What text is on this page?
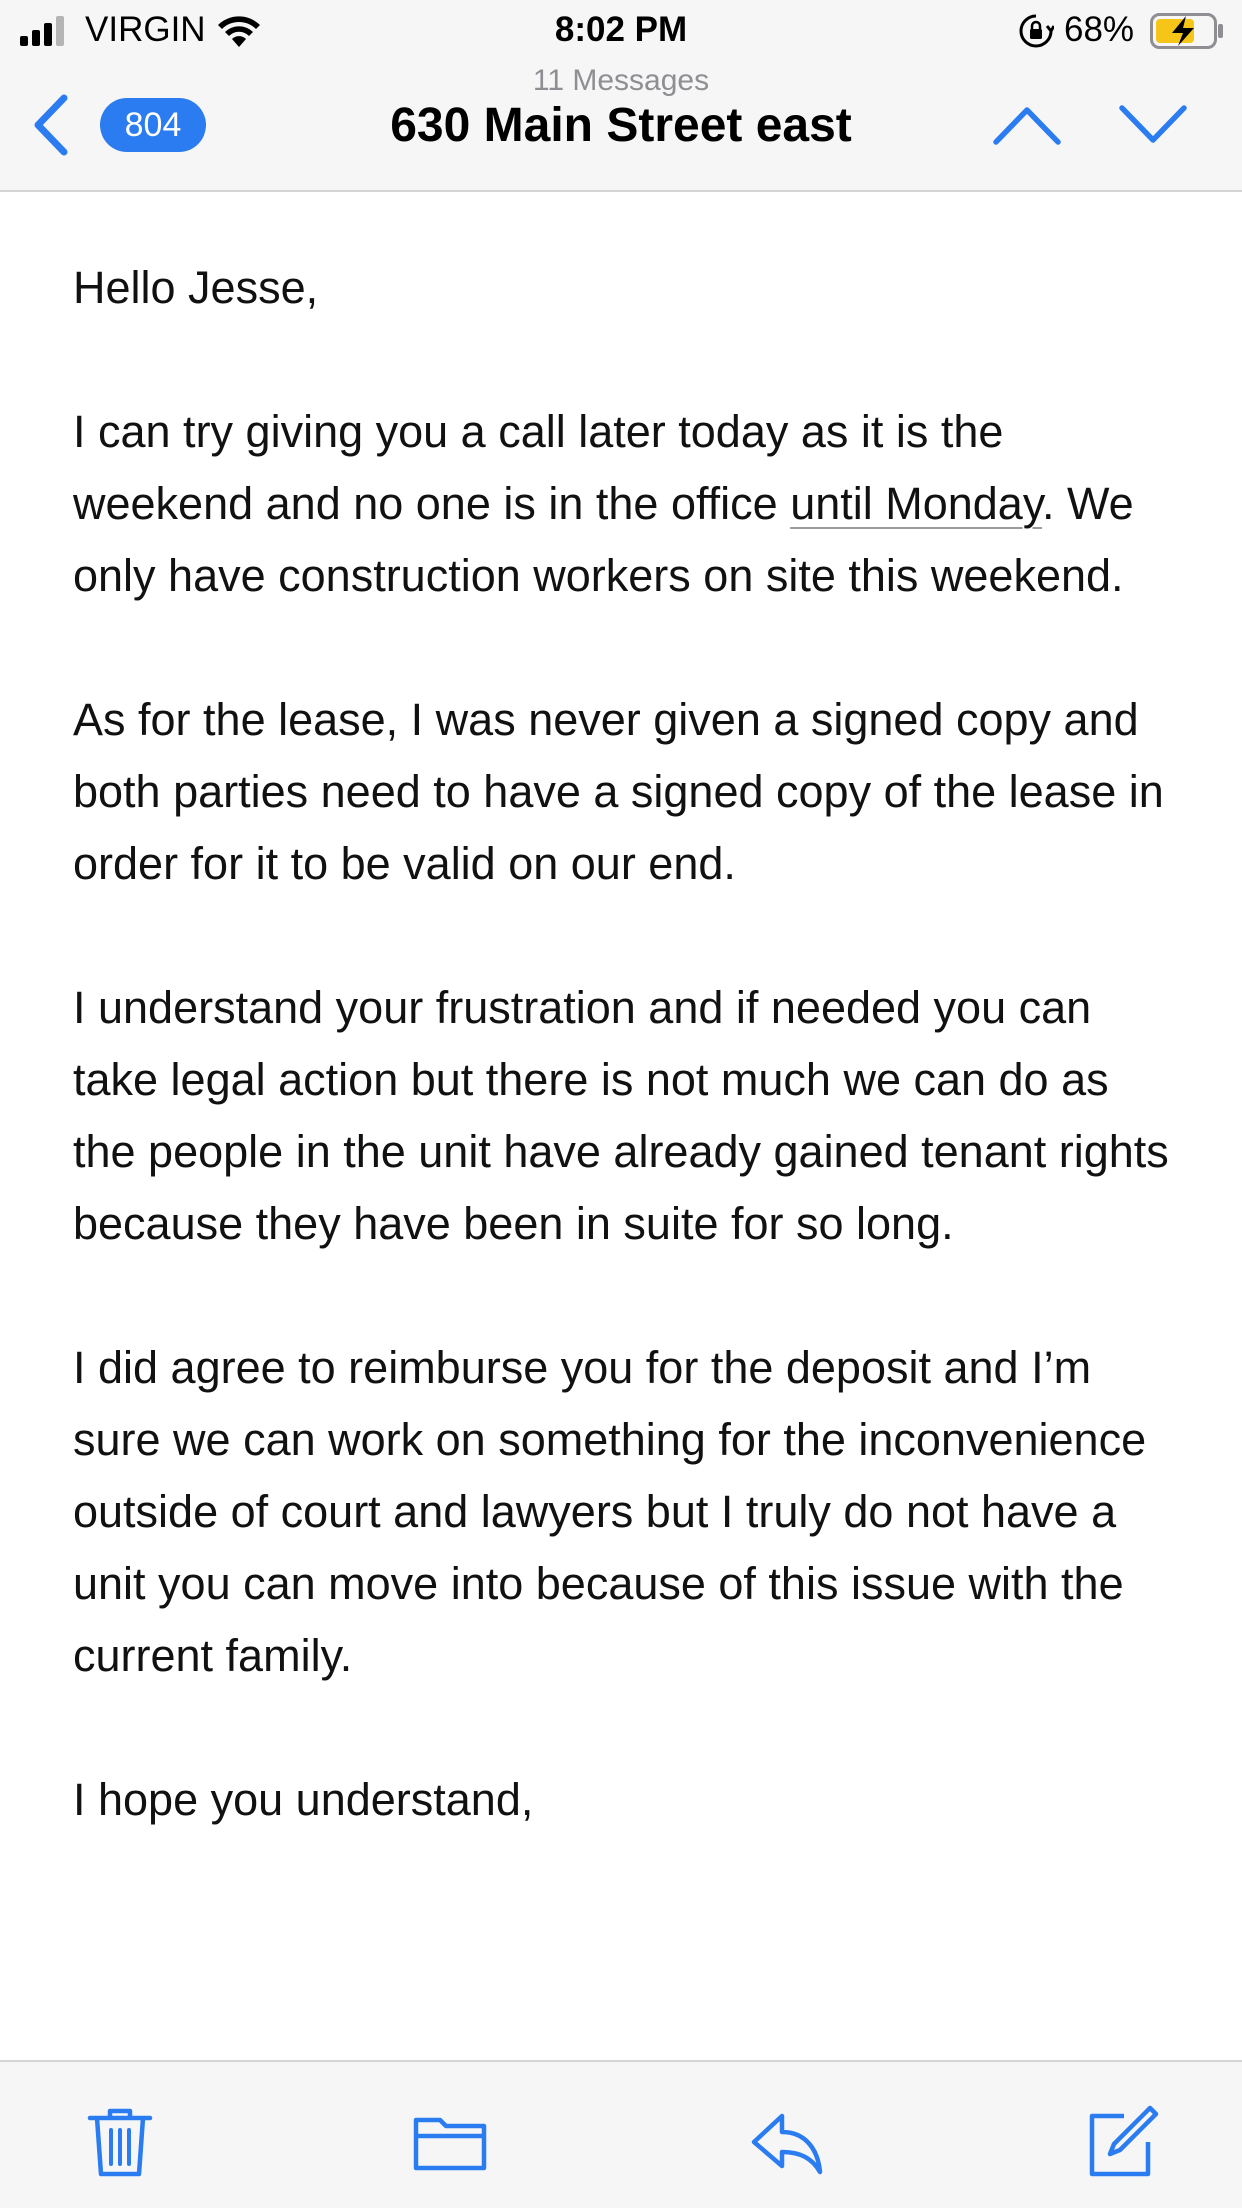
VIRGIN	8:02 PM	68%
804
11 Messages
630 Main Street east

Hello Jesse,

I can try giving you a call later today as it is the weekend and no one is in the office until Monday. We only have construction workers on site this weekend.

As for the lease, I was never given a signed copy and both parties need to have a signed copy of the lease in order for it to be valid on our end.

I understand your frustration and if needed you can take legal action but there is not much we can do as the people in the unit have already gained tenant rights because they have been in suite for so long.

I did agree to reimburse you for the deposit and I’m sure we can work on something for the inconvenience outside of court and lawyers but I truly do not have a unit you can move into because of this issue with the current family.

I hope you understand,
